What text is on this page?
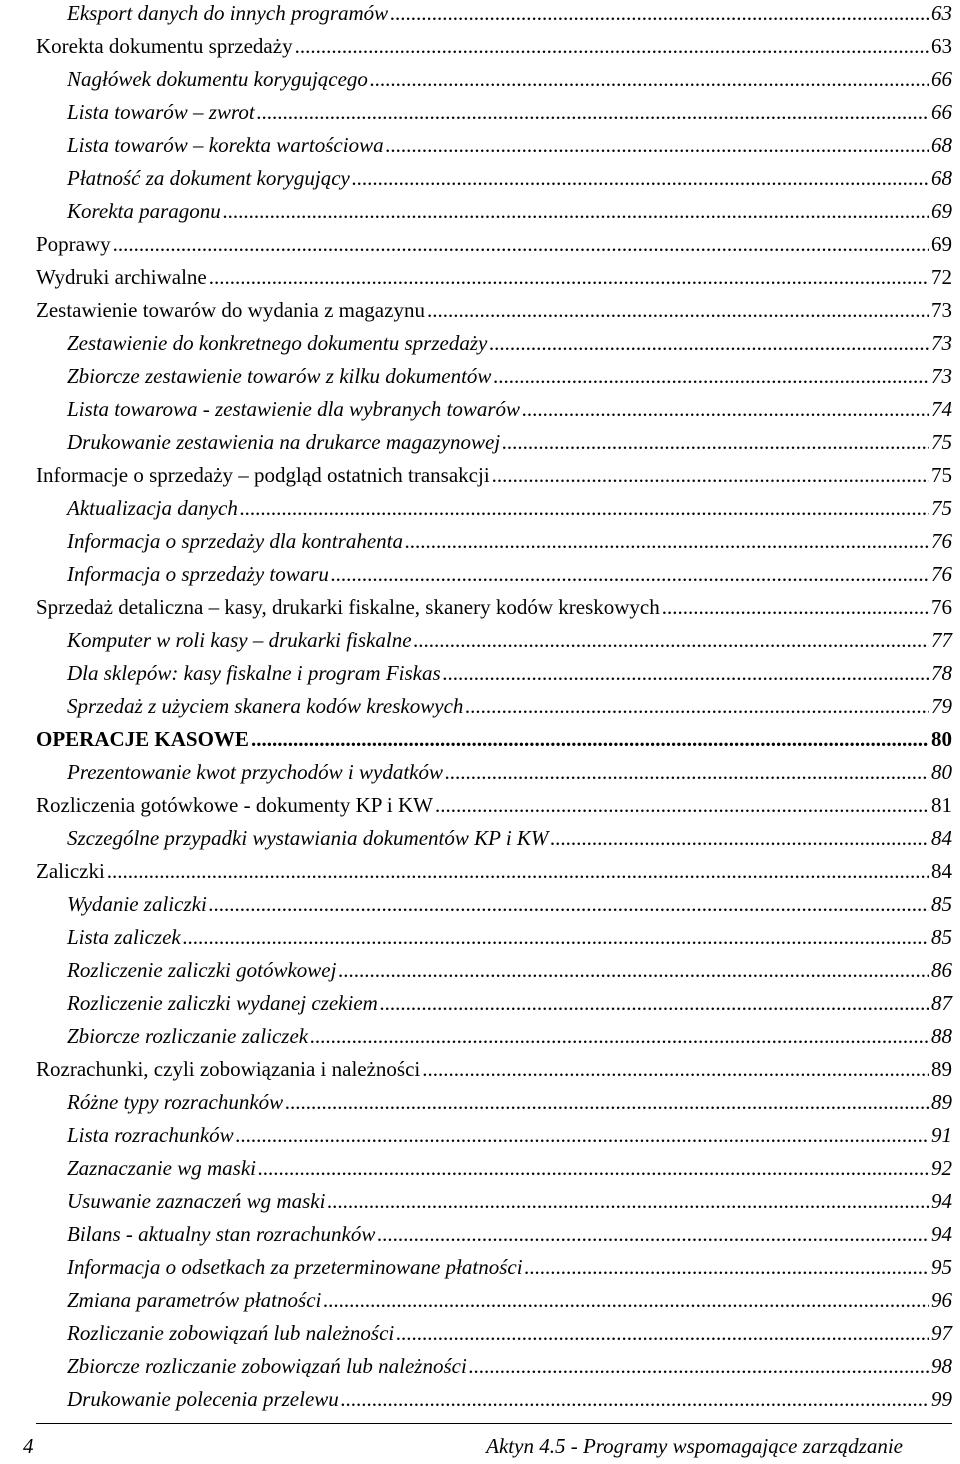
Eksport danych do innych programów .....	63
Korekta dokumentu sprzedaży .....	63
Nagłówek dokumentu korygującego .....	66
Lista towarów – zwrot .....	66
Lista towarów – korekta wartościowa .....	68
Płatność za dokument korygujący .....	68
Korekta paragonu .....	69
Poprawy .....	69
Wydruki archiwalne .....	72
Zestawienie towarów do wydania z magazynu .....	73
Zestawienie do konkretnego dokumentu sprzedaży .....	73
Zbiorcze zestawienie towarów z kilku dokumentów .....	73
Lista towarowa - zestawienie dla wybranych towarów .....	74
Drukowanie zestawienia na drukarce magazynowej .....	75
Informacje o sprzedaży – podgląd ostatnich transakcji .....	75
Aktualizacja danych .....	75
Informacja o sprzedaży dla kontrahenta .....	76
Informacja o sprzedaży towaru .....	76
Sprzedaż detaliczna – kasy, drukarki fiskalne, skanery kodów kreskowych .....	76
Komputer w roli kasy – drukarki fiskalne .....	77
Dla sklepów: kasy fiskalne i program Fiskas .....	78
Sprzedaż z użyciem skanera kodów kreskowych .....	79
OPERACJE KASOWE .....	80
Prezentowanie kwot przychodów i wydatków .....	80
Rozliczenia gotówkowe - dokumenty KP i KW .....	81
Szczególne przypadki wystawiania dokumentów KP i KW .....	84
Zaliczki .....	84
Wydanie zaliczki .....	85
Lista zaliczek .....	85
Rozliczenie zaliczki gotówkowej .....	86
Rozliczenie zaliczki wydanej czekiem .....	87
Zbiorcze rozliczanie zaliczek .....	88
Rozrachunki, czyli zobowiązania i należności .....	89
Różne typy rozrachunków .....	89
Lista rozrachunków .....	91
Zaznaczanie wg maski .....	92
Usuwanie zaznaczeń wg maski .....	94
Bilans - aktualny stan rozrachunków .....	94
Informacja o odsetkach za przeterminowane płatności .....	95
Zmiana parametrów płatności .....	96
Rozliczanie zobowiązań lub należności .....	97
Zbiorcze rozliczanie zobowiązań lub należności .....	98
Drukowanie polecenia przelewu .....	99
4	Aktyn 4.5 - Programy wspomagające zarządzanie
